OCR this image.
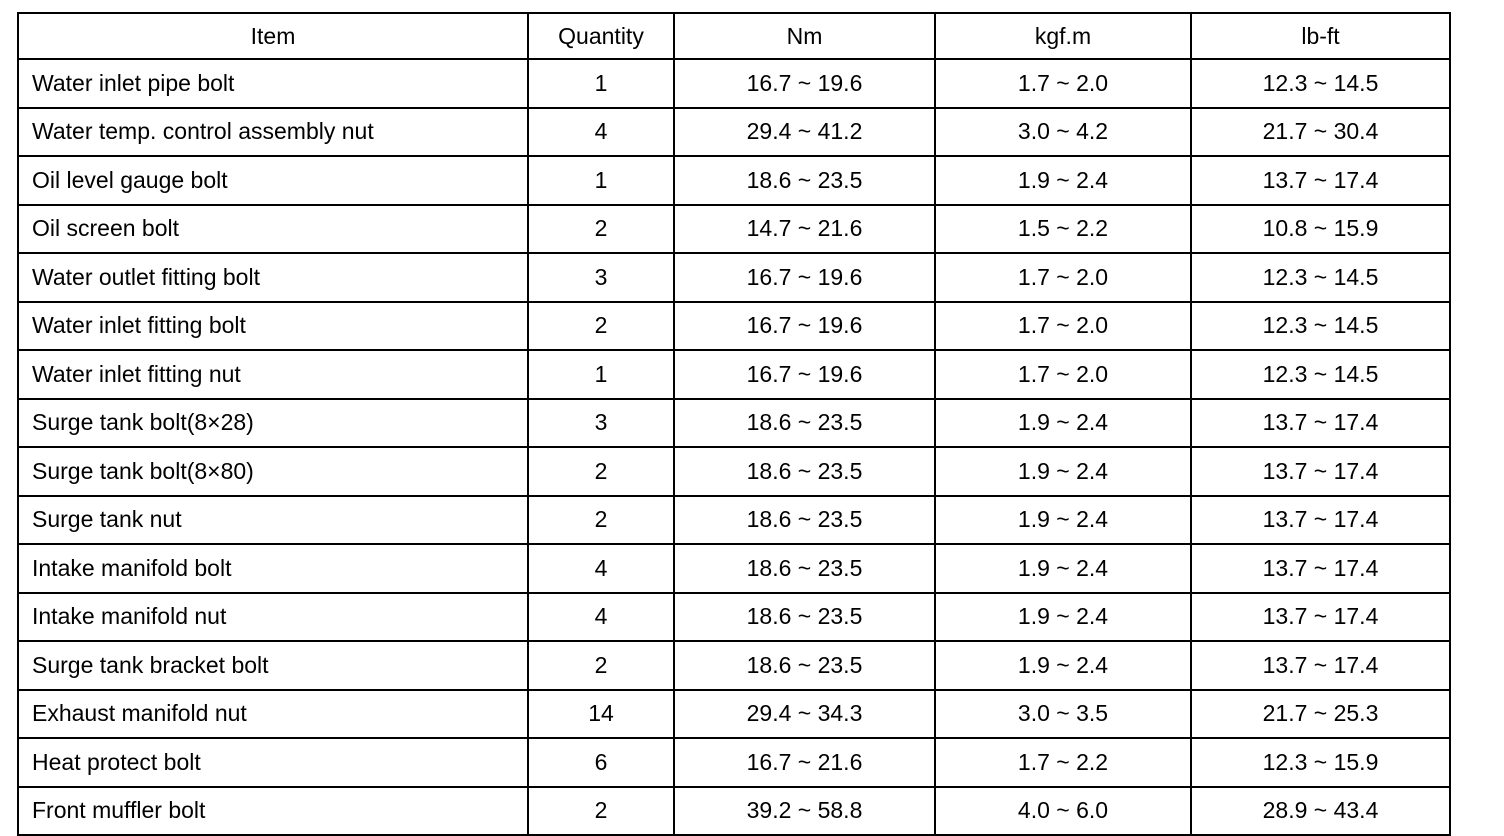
Item	Quantity	Nm	kgf.m	lb-ft
Water inlet pipe bolt	1	16.7 ~ 19.6	1.7 ~ 2.0	12.3 ~ 14.5
Water temp. control assembly nut	4	29.4 ~ 41.2	3.0 ~ 4.2	21.7 ~ 30.4
Oil level gauge bolt	1	18.6 ~ 23.5	1.9 ~ 2.4	13.7 ~ 17.4
Oil screen bolt	2	14.7 ~ 21.6	1.5 ~ 2.2	10.8 ~ 15.9
Water outlet fitting bolt	3	16.7 ~ 19.6	1.7 ~ 2.0	12.3 ~ 14.5
Water inlet fitting bolt	2	16.7 ~ 19.6	1.7 ~ 2.0	12.3 ~ 14.5
Water inlet fitting nut	1	16.7 ~ 19.6	1.7 ~ 2.0	12.3 ~ 14.5
Surge tank bolt(8×28)	3	18.6 ~ 23.5	1.9 ~ 2.4	13.7 ~ 17.4
Surge tank bolt(8×80)	2	18.6 ~ 23.5	1.9 ~ 2.4	13.7 ~ 17.4
Surge tank nut	2	18.6 ~ 23.5	1.9 ~ 2.4	13.7 ~ 17.4
Intake manifold bolt	4	18.6 ~ 23.5	1.9 ~ 2.4	13.7 ~ 17.4
Intake manifold nut	4	18.6 ~ 23.5	1.9 ~ 2.4	13.7 ~ 17.4
Surge tank bracket bolt	2	18.6 ~ 23.5	1.9 ~ 2.4	13.7 ~ 17.4
Exhaust manifold nut	14	29.4 ~ 34.3	3.0 ~ 3.5	21.7 ~ 25.3
Heat protect bolt	6	16.7 ~ 21.6	1.7 ~ 2.2	12.3 ~ 15.9
Front muffler bolt	2	39.2 ~ 58.8	4.0 ~ 6.0	28.9 ~ 43.4
